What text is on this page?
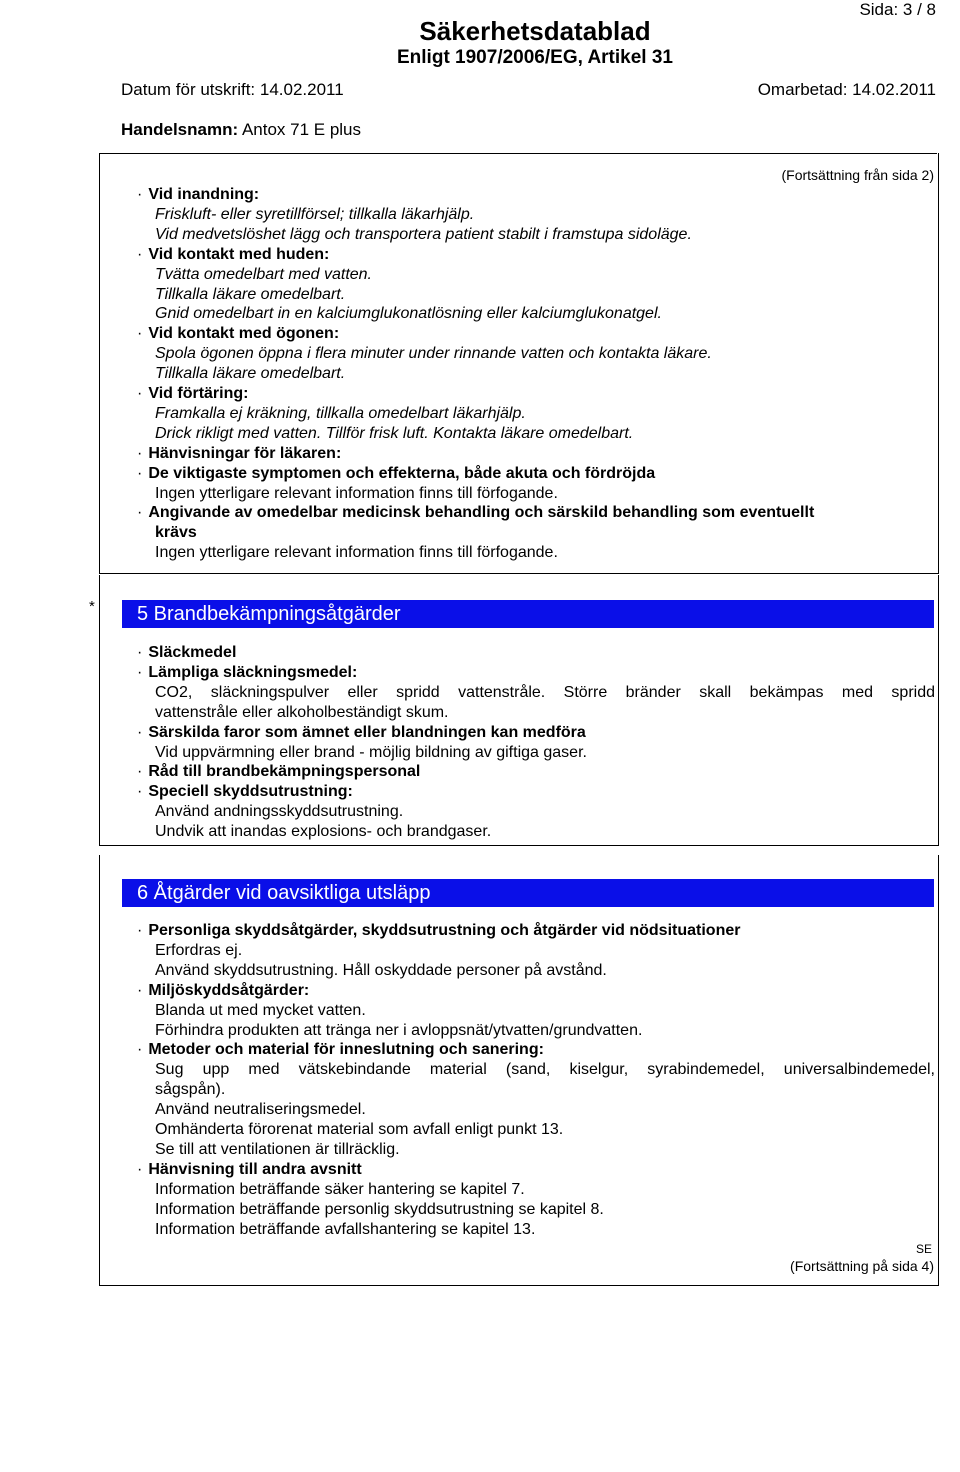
Sida: 3 / 8
Säkerhetsdatablad
Enligt 1907/2006/EG, Artikel 31
Datum för utskrift: 14.02.2011	Omarbetad: 14.02.2011
Handelsnamn: Antox 71 E plus
(Fortsättning från sida 2)
· Vid inandning:
Friskluft- eller syretillförsel; tillkalla läkarhjälp.
Vid medvetslöshet lägg och transportera patient stabilt i framstupa sidoläge.
· Vid kontakt med huden:
Tvätta omedelbart med vatten.
Tillkalla läkare omedelbart.
Gnid omedelbart in en kalciumglukonatlösning eller kalciumglukonatgel.
· Vid kontakt med ögonen:
Spola ögonen öppna i flera minuter under rinnande vatten och kontakta läkare.
Tillkalla läkare omedelbart.
· Vid förtäring:
Framkalla ej kräkning, tillkalla omedelbart läkarhjälp.
Drick rikligt med vatten. Tillför frisk luft. Kontakta läkare omedelbart.
· Hänvisningar för läkaren:
· De viktigaste symptomen och effekterna, både akuta och fördröjda
Ingen ytterligare relevant information finns till förfogande.
· Angivande av omedelbar medicinsk behandling och särskild behandling som eventuellt
krävs
Ingen ytterligare relevant information finns till förfogande.
*	5 Brandbekämpningsåtgärder
· Släckmedel
· Lämpliga släckningsmedel:
CO2, släckningspulver eller spridd vattenstråle. Större bränder skall bekämpas med spridd
vattenstråle eller alkoholbeständigt skum.
· Särskilda faror som ämnet eller blandningen kan medföra
Vid uppvärmning eller brand - möjlig bildning av giftiga gaser.
· Råd till brandbekämpningspersonal
· Speciell skyddsutrustning:
Använd andningsskyddsutrustning.
Undvik att inandas explosions- och brandgaser.
6 Åtgärder vid oavsiktliga utsläpp
· Personliga skyddsåtgärder, skyddsutrustning och åtgärder vid nödsituationer
Erfordras ej.
Använd skyddsutrustning. Håll oskyddade personer på avstånd.
· Miljöskyddsåtgärder:
Blanda ut med mycket vatten.
Förhindra produkten att tränga ner i avloppsnät/ytvatten/grundvatten.
· Metoder och material för inneslutning och sanering:
Sug upp med vätskebindande material (sand, kiselgur, syrabindemedel, universalbindemedel,
sågspån).
Använd neutraliseringsmedel.
Omhänderta förorenat material som avfall enligt punkt 13.
Se till att ventilationen är tillräcklig.
· Hänvisning till andra avsnitt
Information beträffande säker hantering se kapitel 7.
Information beträffande personlig skyddsutrustning se kapitel 8.
Information beträffande avfallshantering se kapitel 13.
SE
(Fortsättning på sida 4)
